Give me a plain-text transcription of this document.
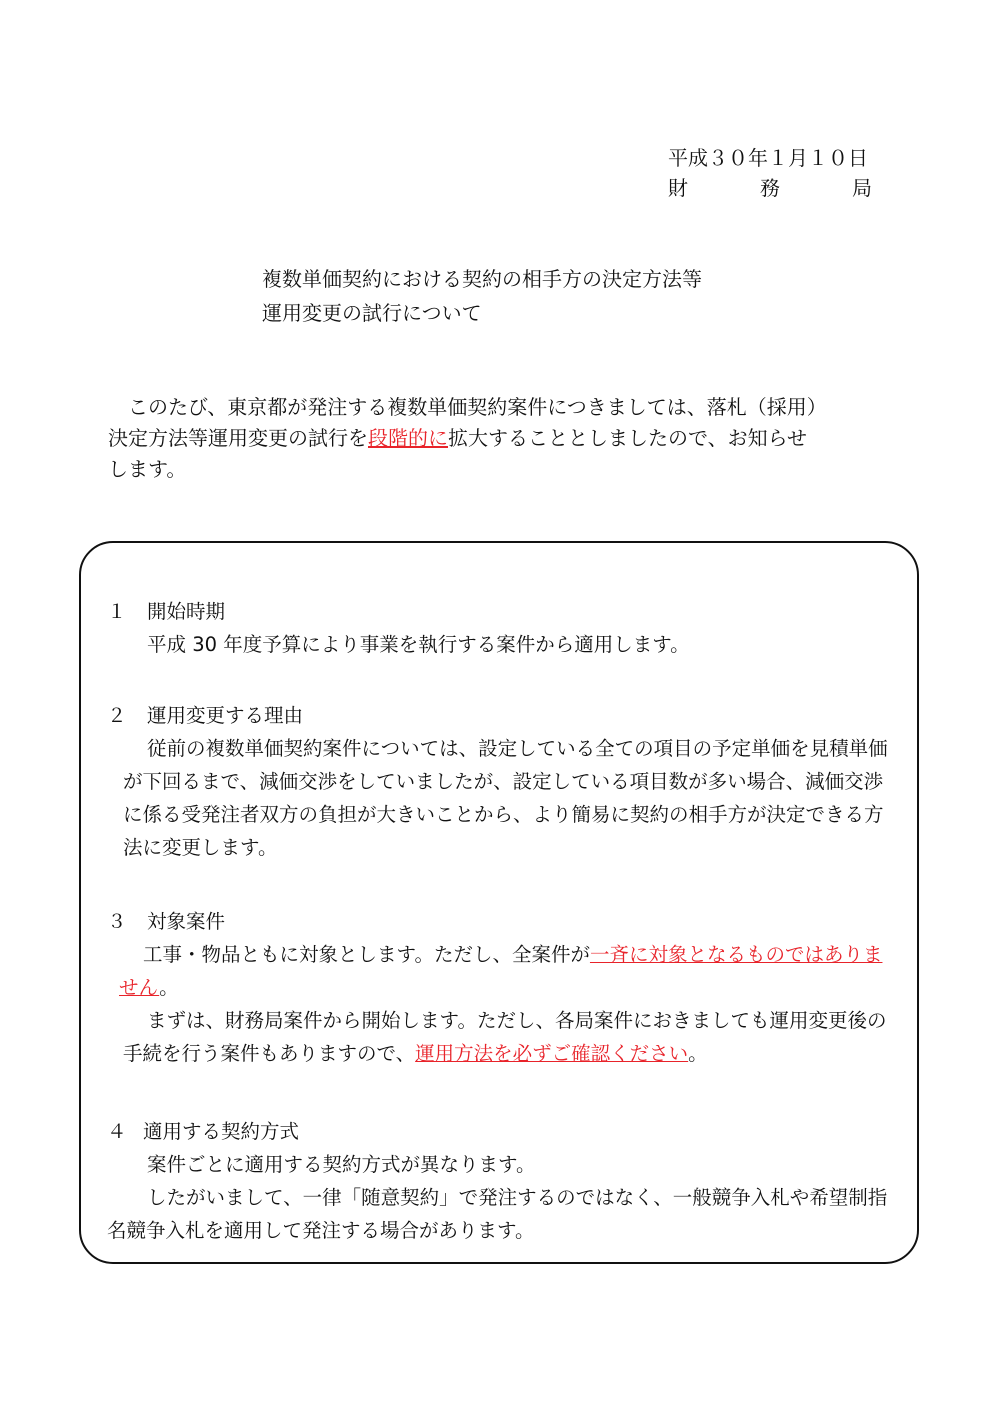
平成３０年１月１０日
財	務	局
複数単価契約における契約の相手方の決定方法等
運用変更の試行について

　このたび、東京都が発注する複数単価契約案件につきましては、落札（採用）
決定方法等運用変更の試行を段階的に拡大することとしましたので、お知らせ
します。

１	開始時期

平成 30 年度予算により事業を執行する案件から適用します。

２	運用変更する理由

従前の複数単価契約案件については、設定している全ての項目の予定単価を見積単価が下回るまで、減価交渉をしていましたが、設定している項目数が多い場合、減価交渉に係る受発注者双方の負担が大きいことから、より簡易に契約の相手方が決定できる方法に変更します。

３	対象案件

工事・物品ともに対象とします。ただし、全案件が一斉に対象となるものではありません。

まずは、財務局案件から開始します。ただし、各局案件におきましても運用変更後の手続を行う案件もありますので、運用方法を必ずご確認ください。

４ 適用する契約方式

案件ごとに適用する契約方式が異なります。

したがいまして、一律「随意契約」で発注するのではなく、一般競争入札や希望制指名競争入札を適用して発注する場合があります。
